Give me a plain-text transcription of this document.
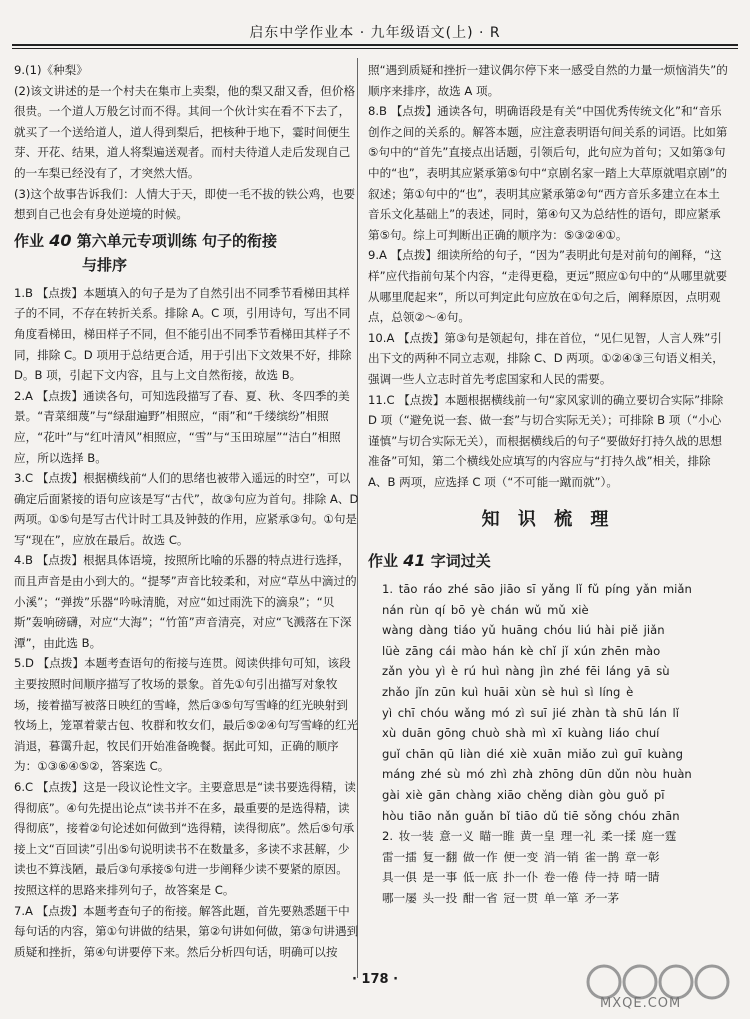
启东中学作业本 · 九年级语文(上) · R

9.(1)《种梨》

(2)该文讲述的是一个村夫在集市上卖梨，他的梨又甜又香，但价格很贵。一个道人万般乞讨而不得。其间一个伙计实在看不下去了，就买了一个送给道人，道人得到梨后，把核种于地下，霎时间便生芽、开花、结果，道人将梨遍送观者。而村夫待道人走后发现自己的一车梨已经没有了，才突然大悟。

(3)这个故事告诉我们：人情大于天，即使一毛不拔的铁公鸡，也要想到自己也会有身处逆境的时候。

作业 40 第六单元专项训练 句子的衔接
与排序

1.B 【点拨】本题填入的句子是为了自然引出不同季节看梯田其样子的不同，不存在转折关系。排除 A。C 项，引用诗句，写出不同角度看梯田，梯田样子不同，但不能引出不同季节看梯田其样子不同，排除 C。D 项用于总结更合适，用于引出下文效果不好，排除 D。B 项，引起下文内容，且与上文自然衔接，故选 B。

2.A 【点拨】通读各句，可知选段描写了春、夏、秋、冬四季的美景。“青菜细蔑”与“绿甜遍野”相照应，“雨”和“千缕缤纷”相照应，“花叶”与“红叶清风”相照应，“雪”与“玉田琼屋”“洁白”相照应，所以选择 B。

3.C 【点拨】根据横线前“人们的思绪也被带入遥远的时空”，可以确定后面紧接的语句应该是写“古代”，故③句应为首句。排除 A、D 两项。①⑤句是写古代计时工具及钟鼓的作用，应紧承③句。①句是写“现在”，应放在最后。故选 C。

4.B 【点拨】根据具体语境，按照所比喻的乐器的特点进行选择，而且声音是由小到大的。“提琴”声音比较柔和，对应“草丛中滴过的小溪”；“弹拨”乐器“吟咏清脆，对应“如过雨洗下的滴泉”；“贝斯”轰响磅礴，对应“大海”；“竹笛”声音清亮，对应“飞溅落在下深潭”，由此选 B。

5.D 【点拨】本题考查语句的衔接与连贯。阅读供排句可知，该段主要按照时间顺序描写了牧场的景象。首先①句引出描写对象牧场，接着描写被落日映红的雪峰，然后③⑤句写雪峰的红光映射到牧场上，笼罩着蒙古包、牧群和牧女们，最后⑤②④句写雪峰的红光消退，暮霭升起，牧民们开始准备晚餐。据此可知，正确的顺序为：①③⑥④⑤②，答案选 C。

6.C 【点拨】这是一段议论性文字。主要意思是“读书要选得精，读得彻底”。④句先提出论点“读书并不在多，最重要的是选得精，读得彻底”，接着②句论述如何做到“选得精，读得彻底”。然后⑤句承接上文“百回读”引出⑤句说明读书不在数量多，多读不求甚解，少读也不算浅陋，最后③句承接⑤句进一步阐释少读不要紧的原因。按照这样的思路来排列句子，故答案是 C。

7.A 【点拨】本题考查句子的衔接。解答此题，首先要熟悉题干中每句话的内容，第①句讲做的结果，第②句讲如何做，第③句讲遇到质疑和挫折，第④句讲要停下来。然后分析四句话，明确可以按

照“遇到质疑和挫折一建议偶尔停下来一感受自然的力量一烦恼消失”的顺序来排序，故选 A 项。

8.B 【点拨】通读各句，明确语段是有关“中国优秀传统文化”和“音乐创作之间的关系的。解答本题，应注意表明语句间关系的词语。比如第⑤句中的“首先”直接点出话题，引领后句，此句应为首句；又如第③句中的“也”，表明其应紧承第⑤句中“京剧名家一踏上大草原就唱京剧”的叙述；第①句中的“也”，表明其应紧承第②句“西方音乐多建立在本土音乐文化基础上”的表述，同时，第④句又为总结性的语句，即应紧承第⑤句。综上可判断出正确的顺序为：⑤③②④①。

9.A 【点拨】细读所给的句子，“因为”表明此句是对前句的阐释，“这样”应代指前句某个内容，“走得更稳，更远”照应①句中的“从哪里就要从哪里爬起来”，所以可判定此句应放在①句之后，阐释原因，点明观点，总领②～④句。

10.A 【点拨】第③句是领起句，排在首位，“见仁见智，人言人殊”引出下文的两种不同立志观，排除 C、D 两项。①②④③三句语义相关，强调一些人立志时首先考虑国家和人民的需要。

11.C 【点拨】本题根据横线前一句“家风家训的确立要切合实际”排除 D 项（“避免说一套、做一套”与切合实际无关）；可排除 B 项（“小心谨慎”与切合实际无关），而根据横线后的句子“要做好打持久战的思想准备”可知，第二个横线处应填写的内容应与“打持久战”相关，排除 A、B 两项，应选择 C 项（“不可能一蹴而就”）。

知 识 梳 理
作业 41 字词过关

1. tāo ráo zhé sāo jiāo sī yǎng lǐ fǔ píng yǎn miǎn

nán rùn qí bō yè chán wǔ mǔ xiè

wàng dàng tiáo yǔ huāng chóu liú hài piě jiǎn

lüè zāng cái mào hán kè chǐ jǐ xún zhēn mào

zǎn yòu yì è rú huì nàng jìn zhé fēi láng yā sù

zhǎo jǐn zūn kuì huāi xùn sè huì sì líng è

yì chī chóu wǎng mó zì suī jié zhàn tà shū lán lǐ

xù duān gōng chuò shà mì xī kuàng liáo chuí

guǐ chān qū liàn dié xiè xuān miǎo zuì guī kuàng

máng zhé sù mó zhì zhà zhōng dūn dǔn nòu huàn

gài xiè gān chàng xiāo chěng diàn gòu guǒ pī

hòu tiāo nǎn guǎn bǐ tiāo dǔ tiē sǒng chóu zhān

2. 妆一装 意一义 瞄一睢 黄一皇 理一礼 柔一揉 庭一霆

雷一擂 复一翻 做一作 便一变 消一销 雀一鹊 章一彰

具一俱 是一事 低一底 扑一仆 卷一倦 侍一持 晴一睛

哪一屡 头一投 酣一省 冠一贯 单一箪 矛一茅

· 178 ·
MXQE.COM
